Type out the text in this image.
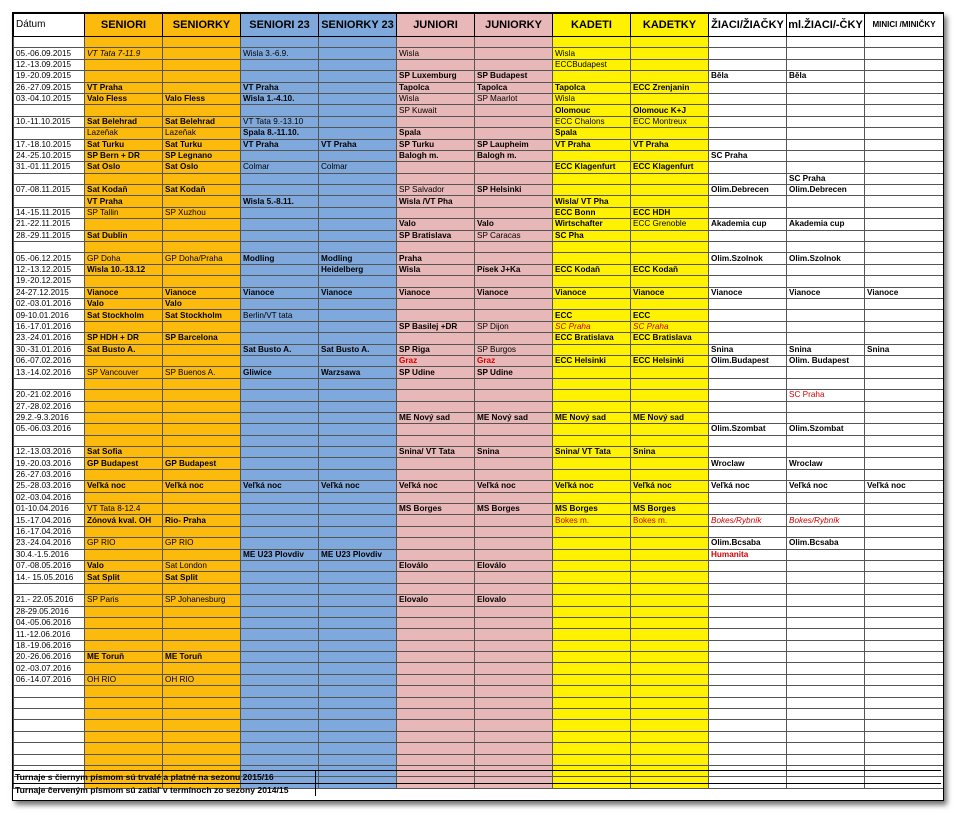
Dátum	SENIORI	SENIORKY	SENIORI 23	SENIORKY 23	JUNIORI	JUNIORKY	KADETI	KADETKY	ŽIACI/ŽIAČKY	ml.ŽIACI/-ČKY	MINICI /MINIČKY

05.-06.09.2015	VT Tata 7-11.9		Wisla 3.-6.9.		Wisla		Wisla				
12.-13.09.2015							ECCBudapest				
19.-20.09.2015					SP Luxemburg	SP Budapest			Běla	Běla	
26.-27.09.2015	VT Praha		VT Praha		Tapolca	Tapolca	Tapolca	ECC Zrenjanin			
03.-04.10.2015	Valo Fless	Valo Fless	Wisla 1.-4.10.		Wisla	SP Maarlot	Wisla				
					SP Kuwait		Olomouc	Olomouc K+J			
10.-11.10.2015	Sat Belehrad	Sat Belehrad	VT Tata 9.-13.10				ECC Chalons	ECC Montreux			
	Lazeňak	Lazeňak	Spala 8.-11.10.		Spala		Spala				
17.-18.10.2015	Sat Turku	Sat Turku	VT Praha	VT Praha	SP Turku	SP Laupheim	VT Praha	VT Praha			
24.-25.10.2015	SP Bern + DR	SP Legnano			Balogh m.	Balogh m.			SC Praha		
31.-01.11.2015	Sat Oslo	Sat Oslo	Colmar	Colmar			ECC Klagenfurt	ECC Klagenfurt			
										SC Praha	
07.-08.11.2015	Sat Kodaň	Sat Kodaň			SP Salvador	SP Helsinki			Olim.Debrecen	Olim.Debrecen	
	VT Praha		Wisla 5.-8.11.		Wisla /VT Pha		Wisla/ VT Pha				
14.-15.11.2015	SP Tallin	SP Xuzhou					ECC Bonn	ECC HDH			
21.-22.11.2015					Valo	Valo	Wirtschafter	ECC Grenoble	Akademia cup	Akademia cup	
28.-29.11.2015	Sat Dublin				SP Bratislava	SP Caracas	SC Pha				

05.-06.12.2015	GP Doha	GP Doha/Praha	Modling	Modling	Praha				Olim.Szolnok	Olim.Szolnok	
12.-13.12.2015	Wisla 10.-13.12			Heidelberg	Wisla	Písek J+Ka	ECC Kodaň	ECC Kodaň			
19.-20.12.2015											
24-27.12.2015	Vianoce	Vianoce	Vianoce	Vianoce	Vianoce	Vianoce	Vianoce	Vianoce	Vianoce	Vianoce	Vianoce
02.-03.01.2016	Valo	Valo									
09-10.01.2016	Sat Stockholm	Sat Stockholm	Berlin/VT tata				ECC	ECC			
16.-17.01.2016					SP Basilej +DR	SP Dijon	SC Praha	SC Praha			
23.-24.01.2016	SP HDH + DR	SP Barcelona					ECC Bratislava	ECC Bratislava			
30.-31.01.2016	Sat Busto A.		Sat Busto A.	Sat Busto A.	SP Riga	SP Burgos			Snina	Snina	Snina
06.-07.02.2016					Graz	Graz	ECC Helsinki	ECC Helsinki	Olim.Budapest	Olim. Budapest	
13.-14.02.2016	SP Vancouver	SP Buenos A.	Gliwice	Warzsawa	SP Udine	SP Udine					

20.-21.02.2016										SC Praha	
27.-28.02.2016											
29.2.-9.3.2016					ME Nový sad	ME Nový sad	ME Nový sad	ME Nový sad			
05.-06.03.2016									Olim.Szombat	Olim.Szombat	

12.-13.03.2016	Sat Sofia				Snina/ VT Tata	Snina	Snina/ VT Tata	Snina			
19.-20.03.2016	GP Budapest	GP Budapest							Wroclaw	Wroclaw	
26.-27.03.2016											
25.-28.03.2016	Veľká noc	Veľká noc	Veľká noc	Veľká noc	Veľká noc	Veľká noc	Veľká noc	Veľká noc	Veľká noc	Veľká noc	Veľká noc
02.-03.04.2016											
01-10.04.2016	VT Tata 8-12.4				MS Borges	MS Borges	MS Borges	MS Borges			
15.-17.04.2016	Zónová kval. OH	Rio- Praha					Bokes m.	Bokes m.	Bokes/Rybník	Bokes/Rybník	
16.-17.04.2016											
23.-24.04.2016	GP RIO	GP RIO							Olim.Bcsaba	Olim.Bcsaba	
30.4.-1.5.2016			ME U23 Plovdiv	ME U23 Plovdiv					Humanita		
07.-08.05.2016	Valo	Sat London			Eloválo	Eloválo					
14.- 15.05.2016	Sat Split	Sat Split									

21.- 22.05.2016	SP Paris	SP Johanesburg			Elovalo	Elovalo					
28-29.05.2016											
04.-05.06.2016											
11.-12.06.2016											
18.-19.06.2016											
20.-26.06.2016	ME Toruň	ME Toruň									
02.-03.07.2016											
06.-14.07.2016	OH RIO	OH RIO									

Turnaje s čiernym písmom sú trvalé a platné na sezonu 2015/16
Turnaje červeným písmom sú zatiaľ v termínoch zo sezony 2014/15
